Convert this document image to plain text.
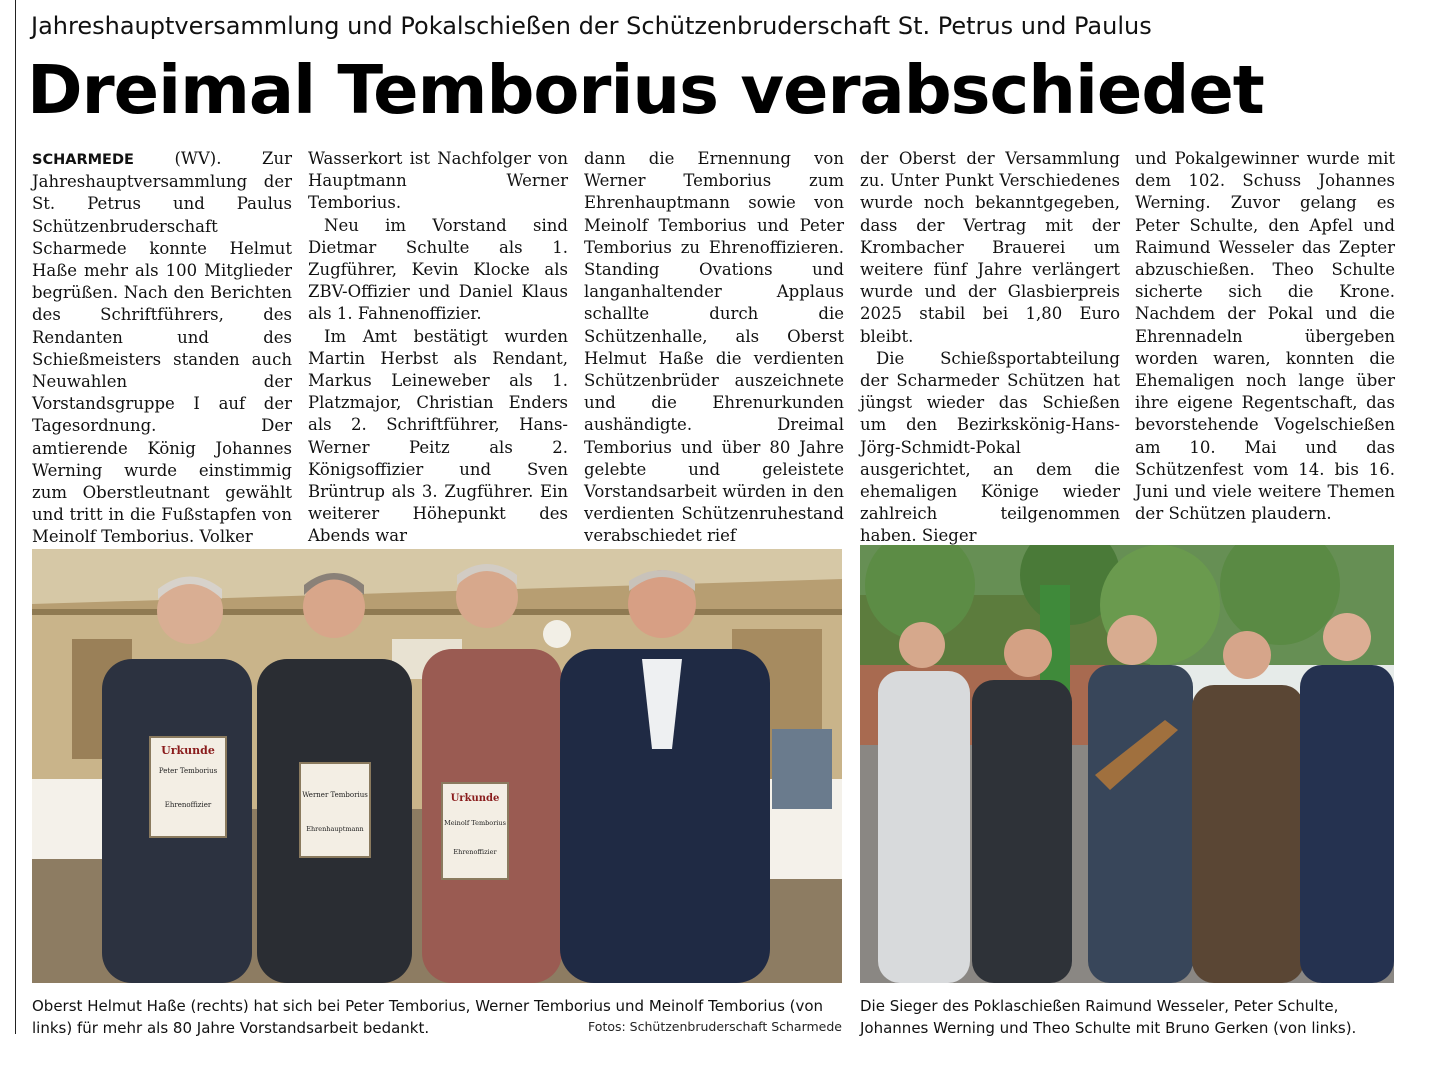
Jahreshauptversammlung und Pokalschießen der Schützenbruderschaft St. Petrus und Paulus
Dreimal Temborius verabschiedet

SCHARMEDE (WV). Zur Jahreshauptversammlung der St. Petrus und Paulus Schützenbruderschaft Scharmede konnte Helmut Haße mehr als 100 Mitglieder begrüßen. Nach den Berichten des Schriftführers, des Rendanten und des Schießmeisters standen auch Neuwahlen der Vorstandsgruppe I auf der Tagesordnung. Der amtierende König Johannes Werning wurde einstimmig zum Oberstleutnant gewählt und tritt in die Fußstapfen von Meinolf Temborius. Volker

Wasserkort ist Nachfolger von Hauptmann Werner Temborius.

Neu im Vorstand sind Dietmar Schulte als 1. Zugführer, Kevin Klocke als ZBV-Offizier und Daniel Klaus als 1. Fahnenoffizier.

Im Amt bestätigt wurden Martin Herbst als Rendant, Markus Leineweber als 1. Platzmajor, Christian Enders als 2. Schriftführer, Hans-Werner Peitz als 2. Königsoffizier und Sven Brüntrup als 3. Zugführer. Ein weiterer Höhepunkt des Abends war

dann die Ernennung von Werner Temborius zum Ehrenhauptmann sowie von Meinolf Temborius und Peter Temborius zu Ehrenoffizieren. Standing Ovations und langanhaltender Applaus schallte durch die Schützenhalle, als Oberst Helmut Haße die verdienten Schützenbrüder auszeichnete und die Ehrenurkunden aushändigte. Dreimal Temborius und über 80 Jahre gelebte und geleistete Vorstandsarbeit würden in den verdienten Schützenruhestand verabschiedet rief

der Oberst der Versammlung zu. Unter Punkt Verschiedenes wurde noch bekanntgegeben, dass der Vertrag mit der Krombacher Brauerei um weitere fünf Jahre verlängert wurde und der Glasbierpreis 2025 stabil bei 1,80 Euro bleibt.

Die Schießsportabteilung der Scharmeder Schützen hat jüngst wieder das Schießen um den Bezirkskönig-Hans-Jörg-Schmidt-Pokal ausgerichtet, an dem die ehemaligen Könige wieder zahlreich teilgenommen haben. Sieger

und Pokalgewinner wurde mit dem 102. Schuss Johannes Werning. Zuvor gelang es Peter Schulte, den Apfel und Raimund Wesseler das Zepter abzuschießen. Theo Schulte sicherte sich die Krone. Nachdem der Pokal und die Ehrennadeln übergeben worden waren, konnten die Ehemaligen noch lange über ihre eigene Regentschaft, das bevorstehende Vogelschießen am 10. Mai und das Schützenfest vom 14. bis 16. Juni und viele weitere Themen der Schützen plaudern.

Urkunde
Peter Temborius
Ehrenoffizier
Werner Temborius
Ehrenhauptmann
Urkunde
Meinolf Temborius
Ehrenoffizier
Oberst Helmut Haße (rechts) hat sich bei Peter Temborius, Werner Temborius und Meinolf Temborius (von links) für mehr als 80 Jahre Vorstandsarbeit bedankt.	Fotos: Schützenbruderschaft Scharmede
Die Sieger des Poklaschießen Raimund Wesseler, Peter Schulte, Johannes Werning und Theo Schulte mit Bruno Gerken (von links).
